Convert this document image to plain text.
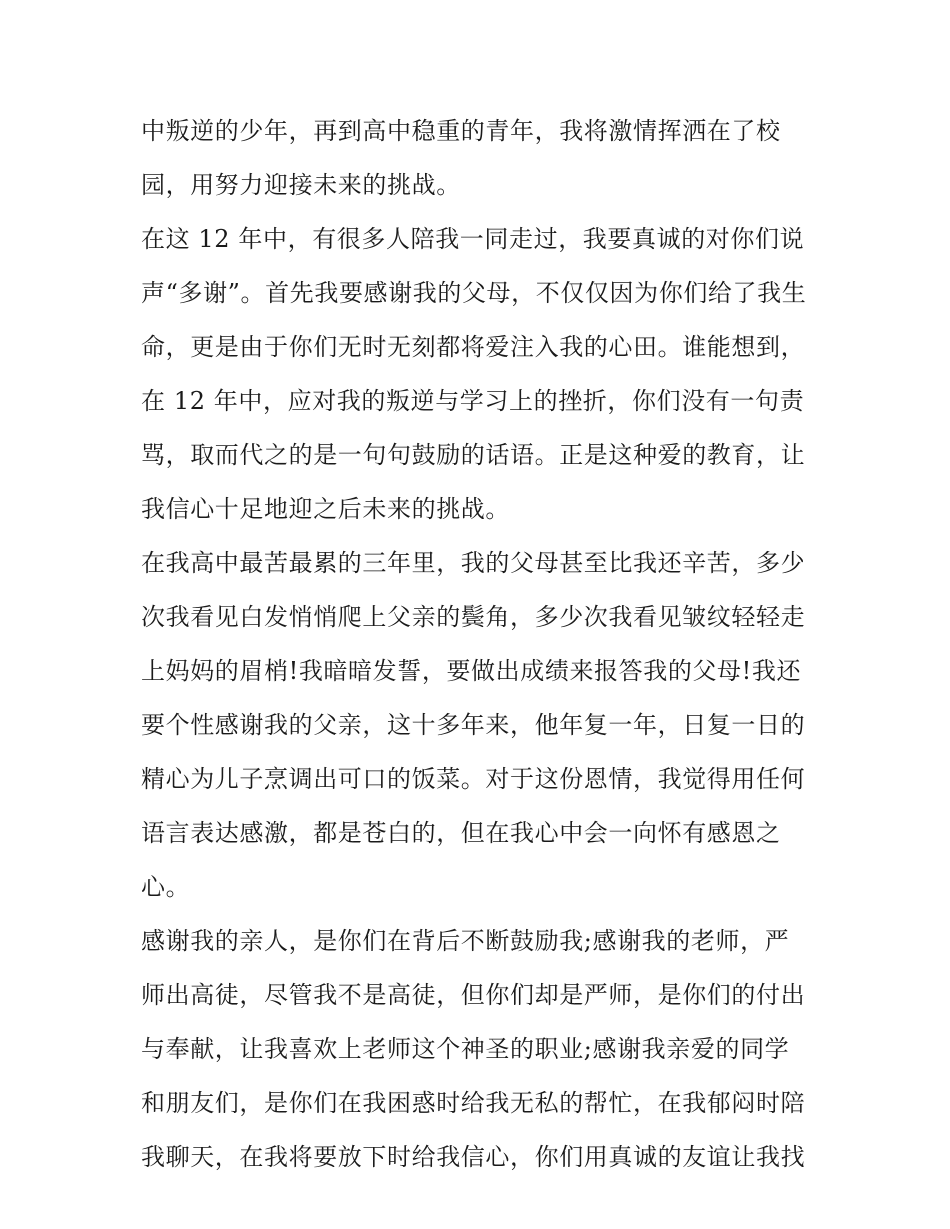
中叛逆的少年，再到高中稳重的青年，我将激情挥洒在了校
园，用努力迎接未来的挑战。
在这 12 年中，有很多人陪我一同走过，我要真诚的对你们说
声“多谢”。首先我要感谢我的父母，不仅仅因为你们给了我生
命，更是由于你们无时无刻都将爱注入我的心田。谁能想到，
在 12 年中，应对我的叛逆与学习上的挫折，你们没有一句责
骂，取而代之的是一句句鼓励的话语。正是这种爱的教育，让
我信心十足地迎之后未来的挑战。
在我高中最苦最累的三年里，我的父母甚至比我还辛苦，多少
次我看见白发悄悄爬上父亲的鬓角，多少次我看见皱纹轻轻走
上妈妈的眉梢!我暗暗发誓，要做出成绩来报答我的父母!我还
要个性感谢我的父亲，这十多年来，他年复一年，日复一日的
精心为儿子烹调出可口的饭菜。对于这份恩情，我觉得用任何
语言表达感激，都是苍白的，但在我心中会一向怀有感恩之
心。
感谢我的亲人，是你们在背后不断鼓励我;感谢我的老师，严
师出高徒，尽管我不是高徒，但你们却是严师，是你们的付出
与奉献，让我喜欢上老师这个神圣的职业;感谢我亲爱的同学
和朋友们，是你们在我困惑时给我无私的帮忙，在我郁闷时陪
我聊天，在我将要放下时给我信心，你们用真诚的友谊让我找
